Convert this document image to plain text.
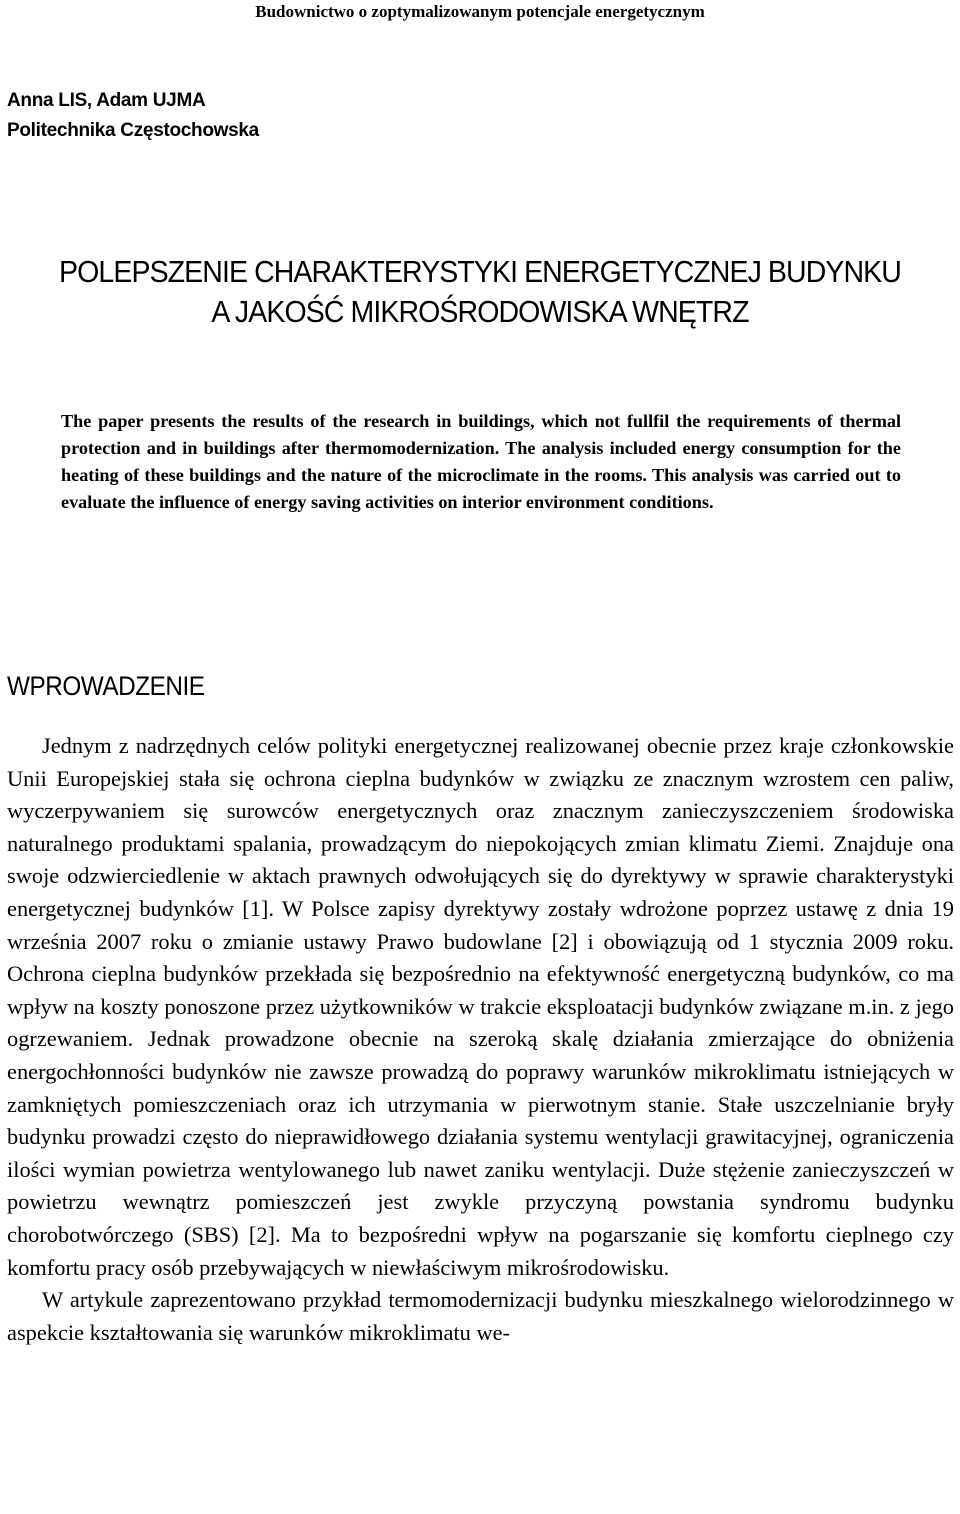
Budownictwo o zoptymalizowanym potencjale energetycznym
Anna LIS, Adam UJMA
Politechnika Częstochowska
POLEPSZENIE CHARAKTERYSTYKI ENERGETYCZNEJ BUDYNKU
A JAKOŚĆ MIKROŚRODOWISKA WNĘTRZ
The paper presents the results of the research in buildings, which not fullfil the requirements of thermal protection and in buildings after thermomodernization. The analysis included energy consumption for the heating of these buildings and the nature of the microclimate in the rooms. This analysis was carried out to evaluate the influence of energy saving activities on interior environment conditions.
WPROWADZENIE

Jednym z nadrzędnych celów polityki energetycznej realizowanej obecnie przez kraje członkowskie Unii Europejskiej stała się ochrona cieplna budynków w związku ze znacznym wzrostem cen paliw, wyczerpywaniem się surowców energetycznych oraz znacznym zanieczyszczeniem środowiska naturalnego produktami spalania, prowadzącym do niepokojących zmian klimatu Ziemi. Znajduje ona swoje odzwierciedlenie w aktach prawnych odwołujących się do dyrektywy w sprawie charakterystyki energetycznej budynków [1]. W Polsce zapisy dyrektywy zostały wdrożone poprzez ustawę z dnia 19 września 2007 roku o zmianie ustawy Prawo budowlane [2] i obowiązują od 1 stycznia 2009 roku. Ochrona cieplna budynków przekłada się bezpośrednio na efektywność energetyczną budynków, co ma wpływ na koszty ponoszone przez użytkowników w trakcie eksploatacji budynków związane m.in. z jego ogrzewaniem. Jednak prowadzone obecnie na szeroką skalę działania zmierzające do obniżenia energochłonności budynków nie zawsze prowadzą do poprawy warunków mikroklimatu istniejących w zamkniętych pomieszczeniach oraz ich utrzymania w pierwotnym stanie. Stałe uszczelnianie bryły budynku prowadzi często do nieprawidłowego działania systemu wentylacji grawitacyjnej, ograniczenia ilości wymian powietrza wentylowanego lub nawet zaniku wentylacji. Duże stężenie zanieczyszczeń w powietrzu wewnątrz pomieszczeń jest zwykle przyczyną powstania syndromu budynku chorobotwórczego (SBS) [2]. Ma to bezpośredni wpływ na pogarszanie się komfortu cieplnego czy komfortu pracy osób przebywających w niewłaściwym mikrośrodowisku.

W artykule zaprezentowano przykład termomodernizacji budynku mieszkalnego wielorodzinnego w aspekcie kształtowania się warunków mikroklimatu we-
